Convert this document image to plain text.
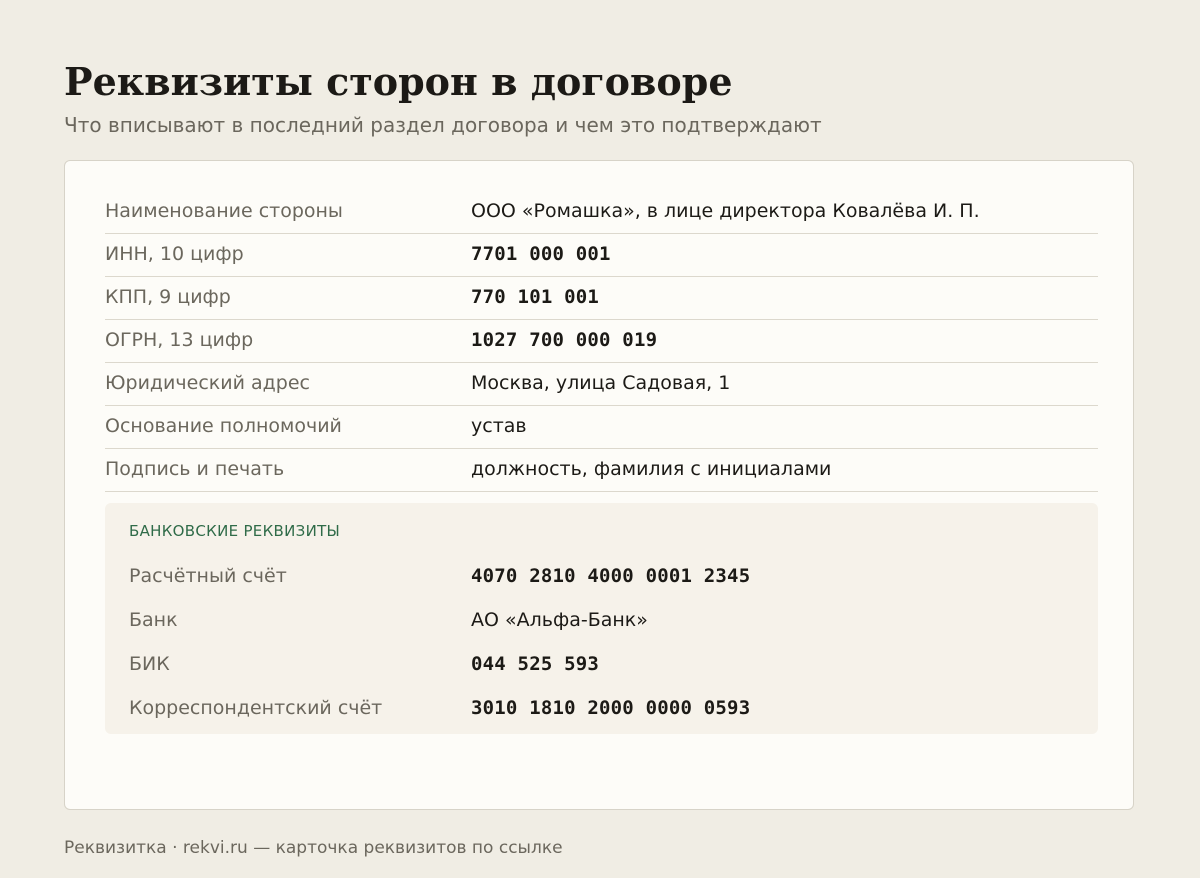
Реквизиты сторон в договоре

Что вписывают в последний раздел договора и чем это подтверждают

Наименование стороны	ООО «Ромашка», в лице директора Ковалёва И. П.
ИНН, 10 цифр	7701 000 001
КПП, 9 цифр	770 101 001
ОГРН, 13 цифр	1027 700 000 019
Юридический адрес	Москва, улица Садовая, 1
Основание полномочий	устав
Подпись и печать	должность, фамилия с инициалами
БАНКОВСКИЕ РЕКВИЗИТЫ
Расчётный счёт	4070 2810 4000 0001 2345
Банк	АО «Альфа-Банк»
БИК	044 525 593
Корреспондентский счёт	3010 1810 2000 0000 0593
Реквизитка · rekvi.ru — карточка реквизитов по ссылке
